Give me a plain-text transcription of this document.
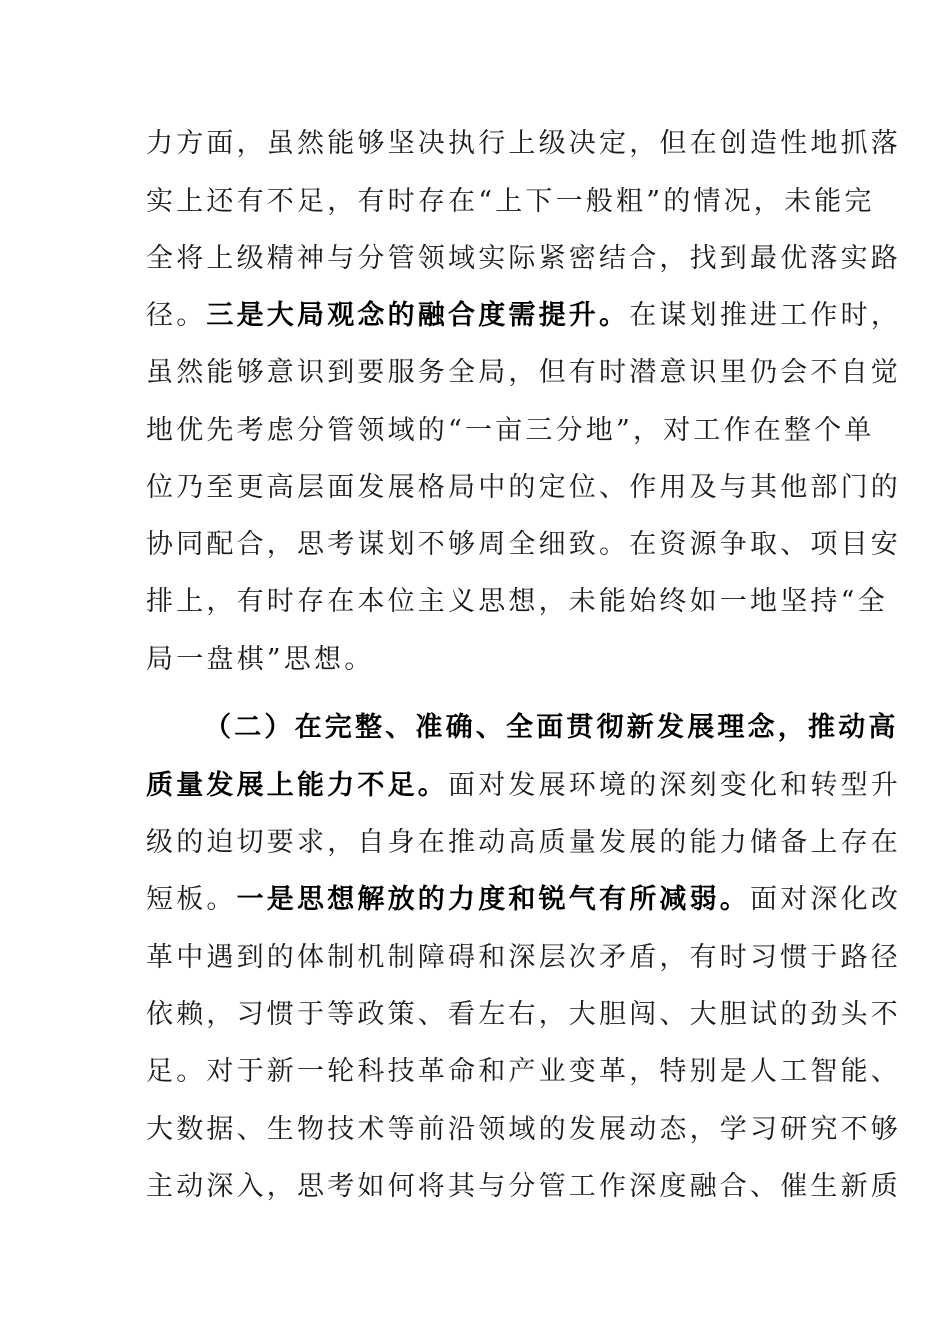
力方面，虽然能够坚决执行上级决定，但在创造性地抓落
实上还有不足，有时存在“上下一般粗”的情况，未能完
全将上级精神与分管领域实际紧密结合，找到最优落实路
径。三是大局观念的融合度需提升。在谋划推进工作时，
虽然能够意识到要服务全局，但有时潜意识里仍会不自觉
地优先考虑分管领域的“一亩三分地”，对工作在整个单
位乃至更高层面发展格局中的定位、作用及与其他部门的
协同配合，思考谋划不够周全细致。在资源争取、项目安
排上，有时存在本位主义思想，未能始终如一地坚持“全
局一盘棋”思想。
（二）在完整、准确、全面贯彻新发展理念，推动高
质量发展上能力不足。面对发展环境的深刻变化和转型升
级的迫切要求，自身在推动高质量发展的能力储备上存在
短板。一是思想解放的力度和锐气有所减弱。面对深化改
革中遇到的体制机制障碍和深层次矛盾，有时习惯于路径
依赖，习惯于等政策、看左右，大胆闯、大胆试的劲头不
足。对于新一轮科技革命和产业变革，特别是人工智能、
大数据、生物技术等前沿领域的发展动态，学习研究不够
主动深入，思考如何将其与分管工作深度融合、催生新质
